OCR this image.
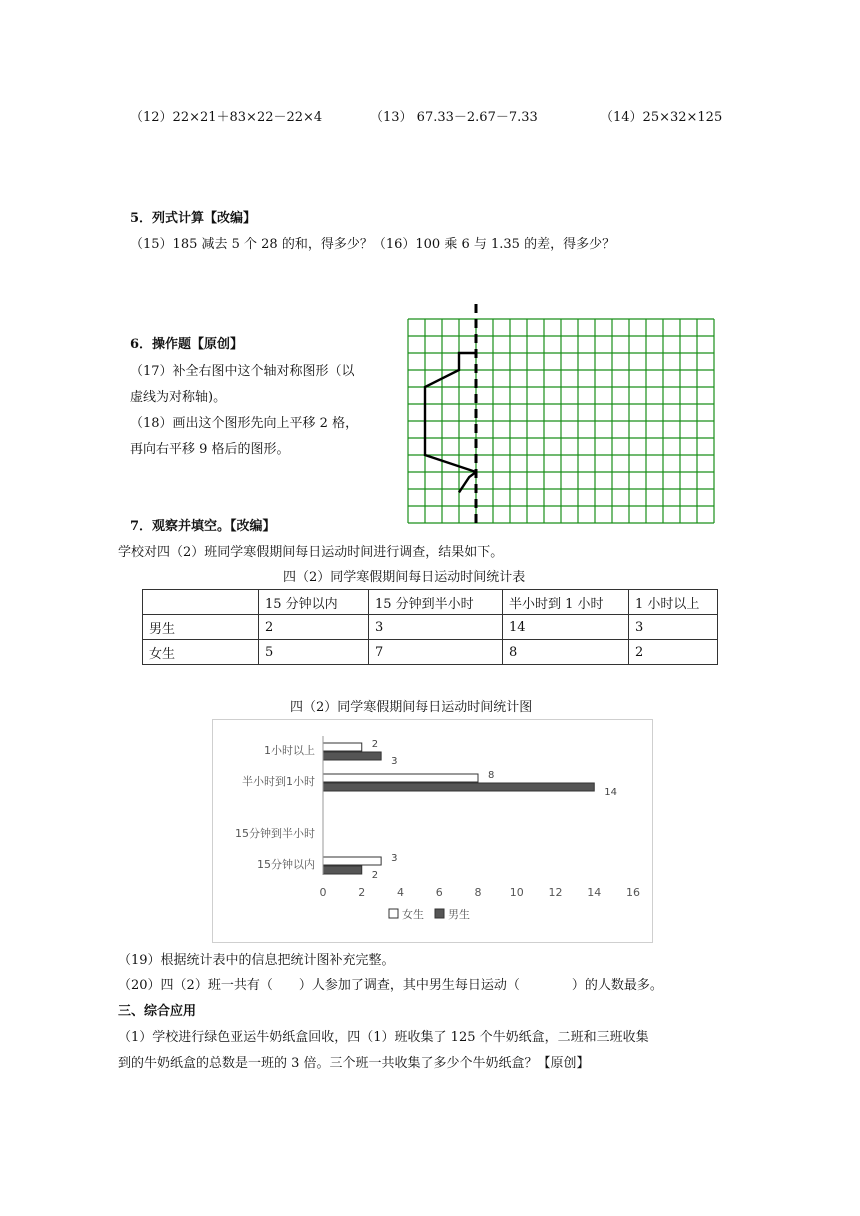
（12）22×21＋83×22－22×4	（13） 67.33－2.67－7.33	（14）25×32×125
5．列式计算【改编】
（15）185 减去 5 个 28 的和，得多少？（16）100 乘 6 与 1.35 的差，得多少？
6．操作题【原创】
（17）补全右图中这个轴对称图形（以
虚线为对称轴)。
（18）画出这个图形先向上平移 2 格，
再向右平移 9 格后的图形。
7．观察并填空。【改编】
学校对四（2）班同学寒假期间每日运动时间进行调查，结果如下。
四（2）同学寒假期间每日运动时间统计表
	15 分钟以内	15 分钟到半小时	半小时到 1 小时	1 小时以上
男生	2	3	14	3
女生	5	7	8	2
四（2）同学寒假期间每日运动时间统计图
15分钟以内	3
2
15分钟到半小时
半小时到1小时	8
14
1小时以上	2
3
0	2	4	6	8	10 12 14 16
女生 男生
（19）根据统计表中的信息把统计图补充完整。
（20）四（2）班一共有（　　）人参加了调查，其中男生每日运动（　　　　）的人数最多。
三、综合应用
（1）学校进行绿色亚运牛奶纸盒回收，四（1）班收集了 125 个牛奶纸盒，二班和三班收集
到的牛奶纸盒的总数是一班的 3 倍。三个班一共收集了多少个牛奶纸盒？【原创】
